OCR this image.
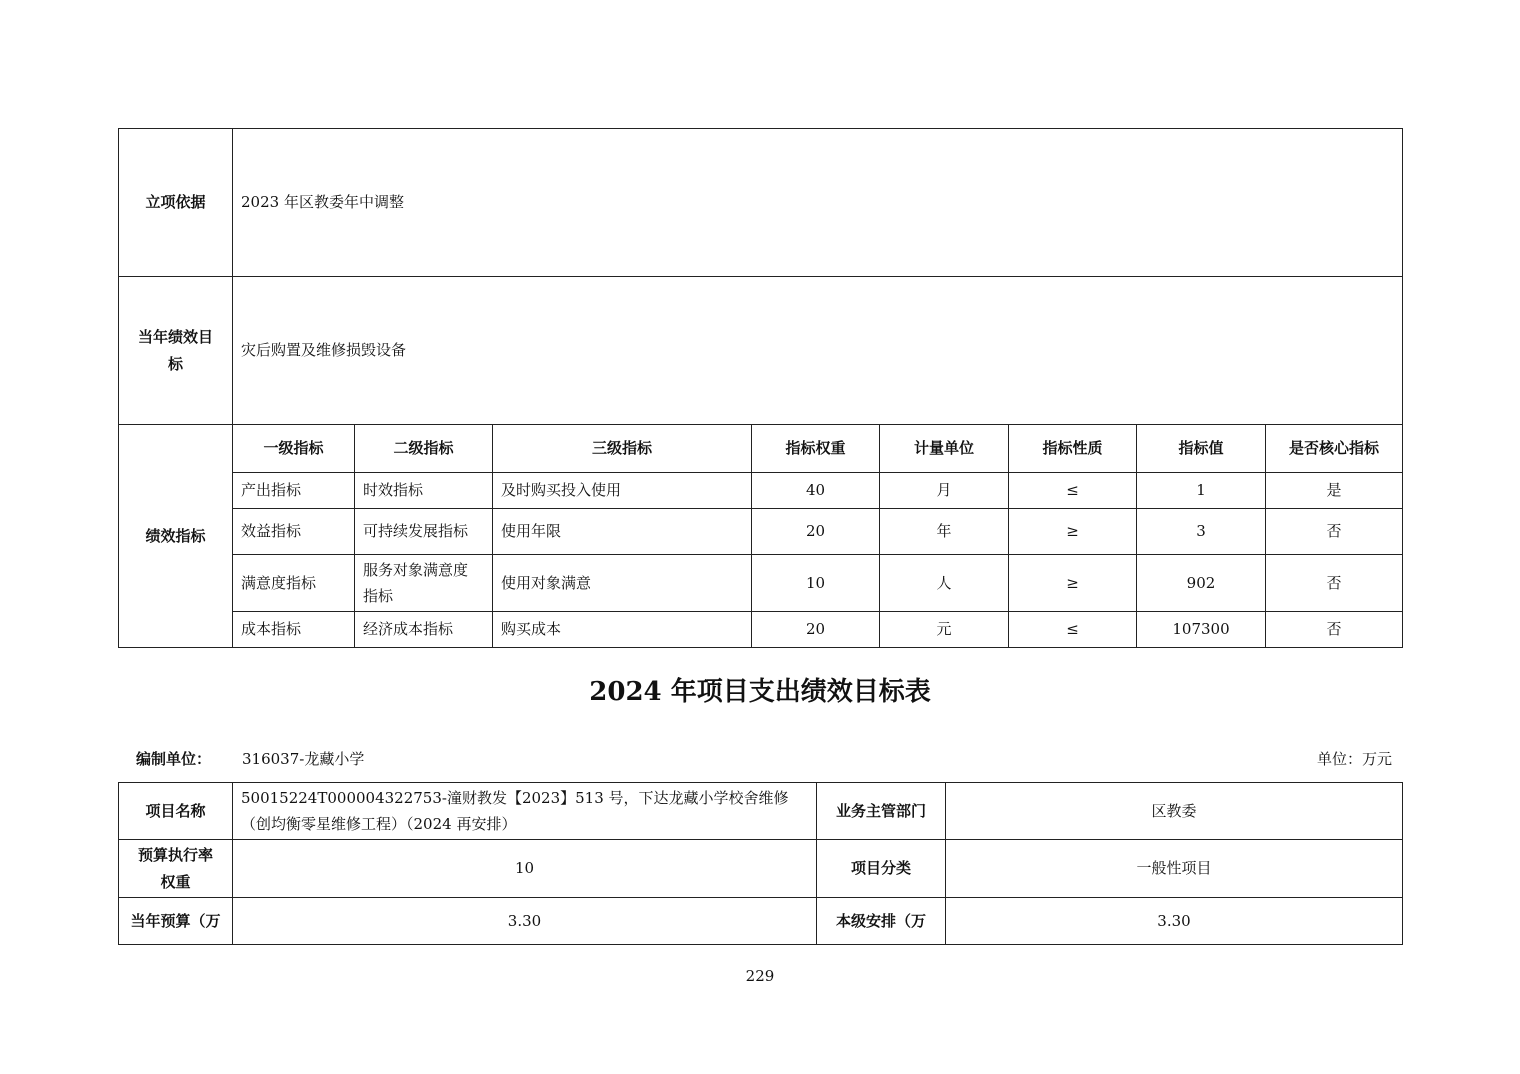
立项依据	2023 年区教委年中调整							
当年绩效目
标	灾后购置及维修损毁设备							
绩效指标	一级指标	二级指标	三级指标	指标权重	计量单位	指标性质	指标值	是否核心指标
	产出指标	时效指标	及时购买投入使用	40	月	≤	1	是
	效益指标	可持续发展指标	使用年限	20	年	≥	3	否
	满意度指标	服务对象满意度
指标	使用对象满意	10	人	≥	902	否
	成本指标	经济成本指标	购买成本	20	元	≤	107300	否
2024 年项目支出绩效目标表
编制单位： 316037-龙藏小学	单位：万元
项目名称	50015224T000004322753-潼财教发【2023】513 号，下达龙藏小学校舍维修（创均衡零星维修工程）（2024 再安排）	业务主管部门	区教委
预算执行率
权重	10	项目分类	一般性项目
当年预算（万	3.30	本级安排（万	3.30
229
